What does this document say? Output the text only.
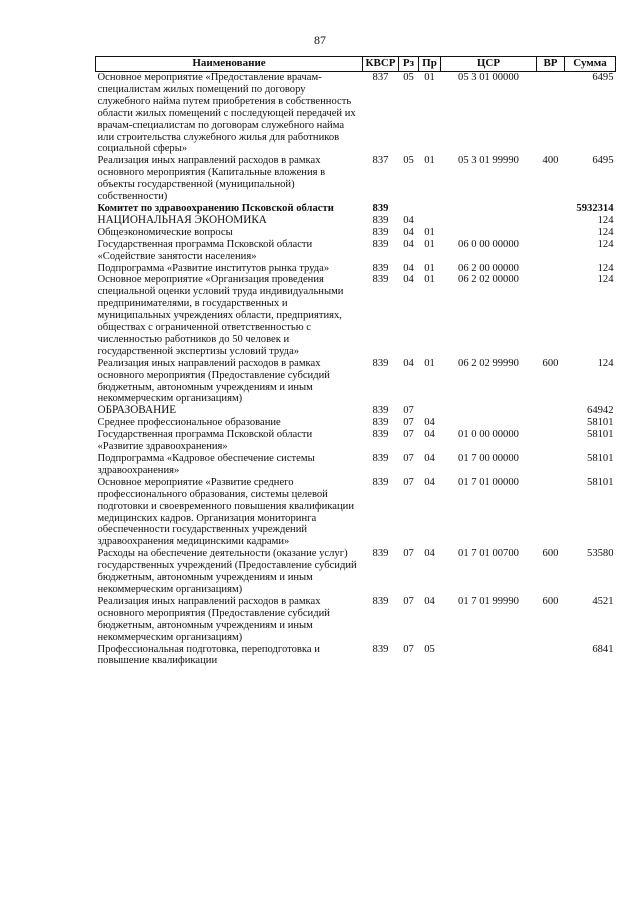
87
Наименование	КВСР	Рз	Пр	ЦСР	ВР	Сумма
Основное мероприятие «Предоставление врачам-специалистам жилых помещений по договору служебного найма путем приобретения в собственность области жилых помещений с последующей передачей их врачам-специалистам по договорам служебного найма или строительства служебного жилья для работников социальной сферы»	837	05	01	05 3 01 00000		6495
Реализация иных направлений расходов в рамках основного мероприятия (Капитальные вложения в объекты государственной (муниципальной) собственности)	837	05	01	05 3 01 99990	400	6495
Комитет по здравоохранению Псковской области	839					5932314
НАЦИОНАЛЬНАЯ ЭКОНОМИКА	839	04				124
Общеэкономические вопросы	839	04	01			124
Государственная программа Псковской области «Содействие занятости населения»	839	04	01	06 0 00 00000		124
Подпрограмма «Развитие институтов рынка труда»	839	04	01	06 2 00 00000		124
Основное мероприятие «Организация проведения специальной оценки условий труда индивидуальными предпринимателями, в государственных и муниципальных учреждениях области, предприятиях, обществах с ограниченной ответственностью с численностью работников до 50 человек и государственной экспертизы условий труда»	839	04	01	06 2 02 00000		124
Реализация иных направлений расходов в рамках основного мероприятия (Предоставление субсидий бюджетным, автономным учреждениям и иным некоммерческим организациям)	839	04	01	06 2 02 99990	600	124
ОБРАЗОВАНИЕ	839	07				64942
Среднее профессиональное образование	839	07	04			58101
Государственная программа Псковской области «Развитие здравоохранения»	839	07	04	01 0 00 00000		58101
Подпрограмма «Кадровое обеспечение системы здравоохранения»	839	07	04	01 7 00 00000		58101
Основное мероприятие «Развитие среднего профессионального образования, системы целевой подготовки и своевременного повышения квалификации медицинских кадров. Организация мониторинга обеспеченности государственных учреждений здравоохранения медицинскими кадрами»	839	07	04	01 7 01 00000		58101
Расходы на обеспечение деятельности (оказание услуг) государственных учреждений (Предоставление субсидий бюджетным, автономным учреждениям и иным некоммерческим организациям)	839	07	04	01 7 01 00700	600	53580
Реализация иных направлений расходов в рамках основного мероприятия (Предоставление субсидий бюджетным, автономным учреждениям и иным некоммерческим организациям)	839	07	04	01 7 01 99990	600	4521
Профессиональная подготовка, переподготовка и повышение квалификации	839	07	05			6841
